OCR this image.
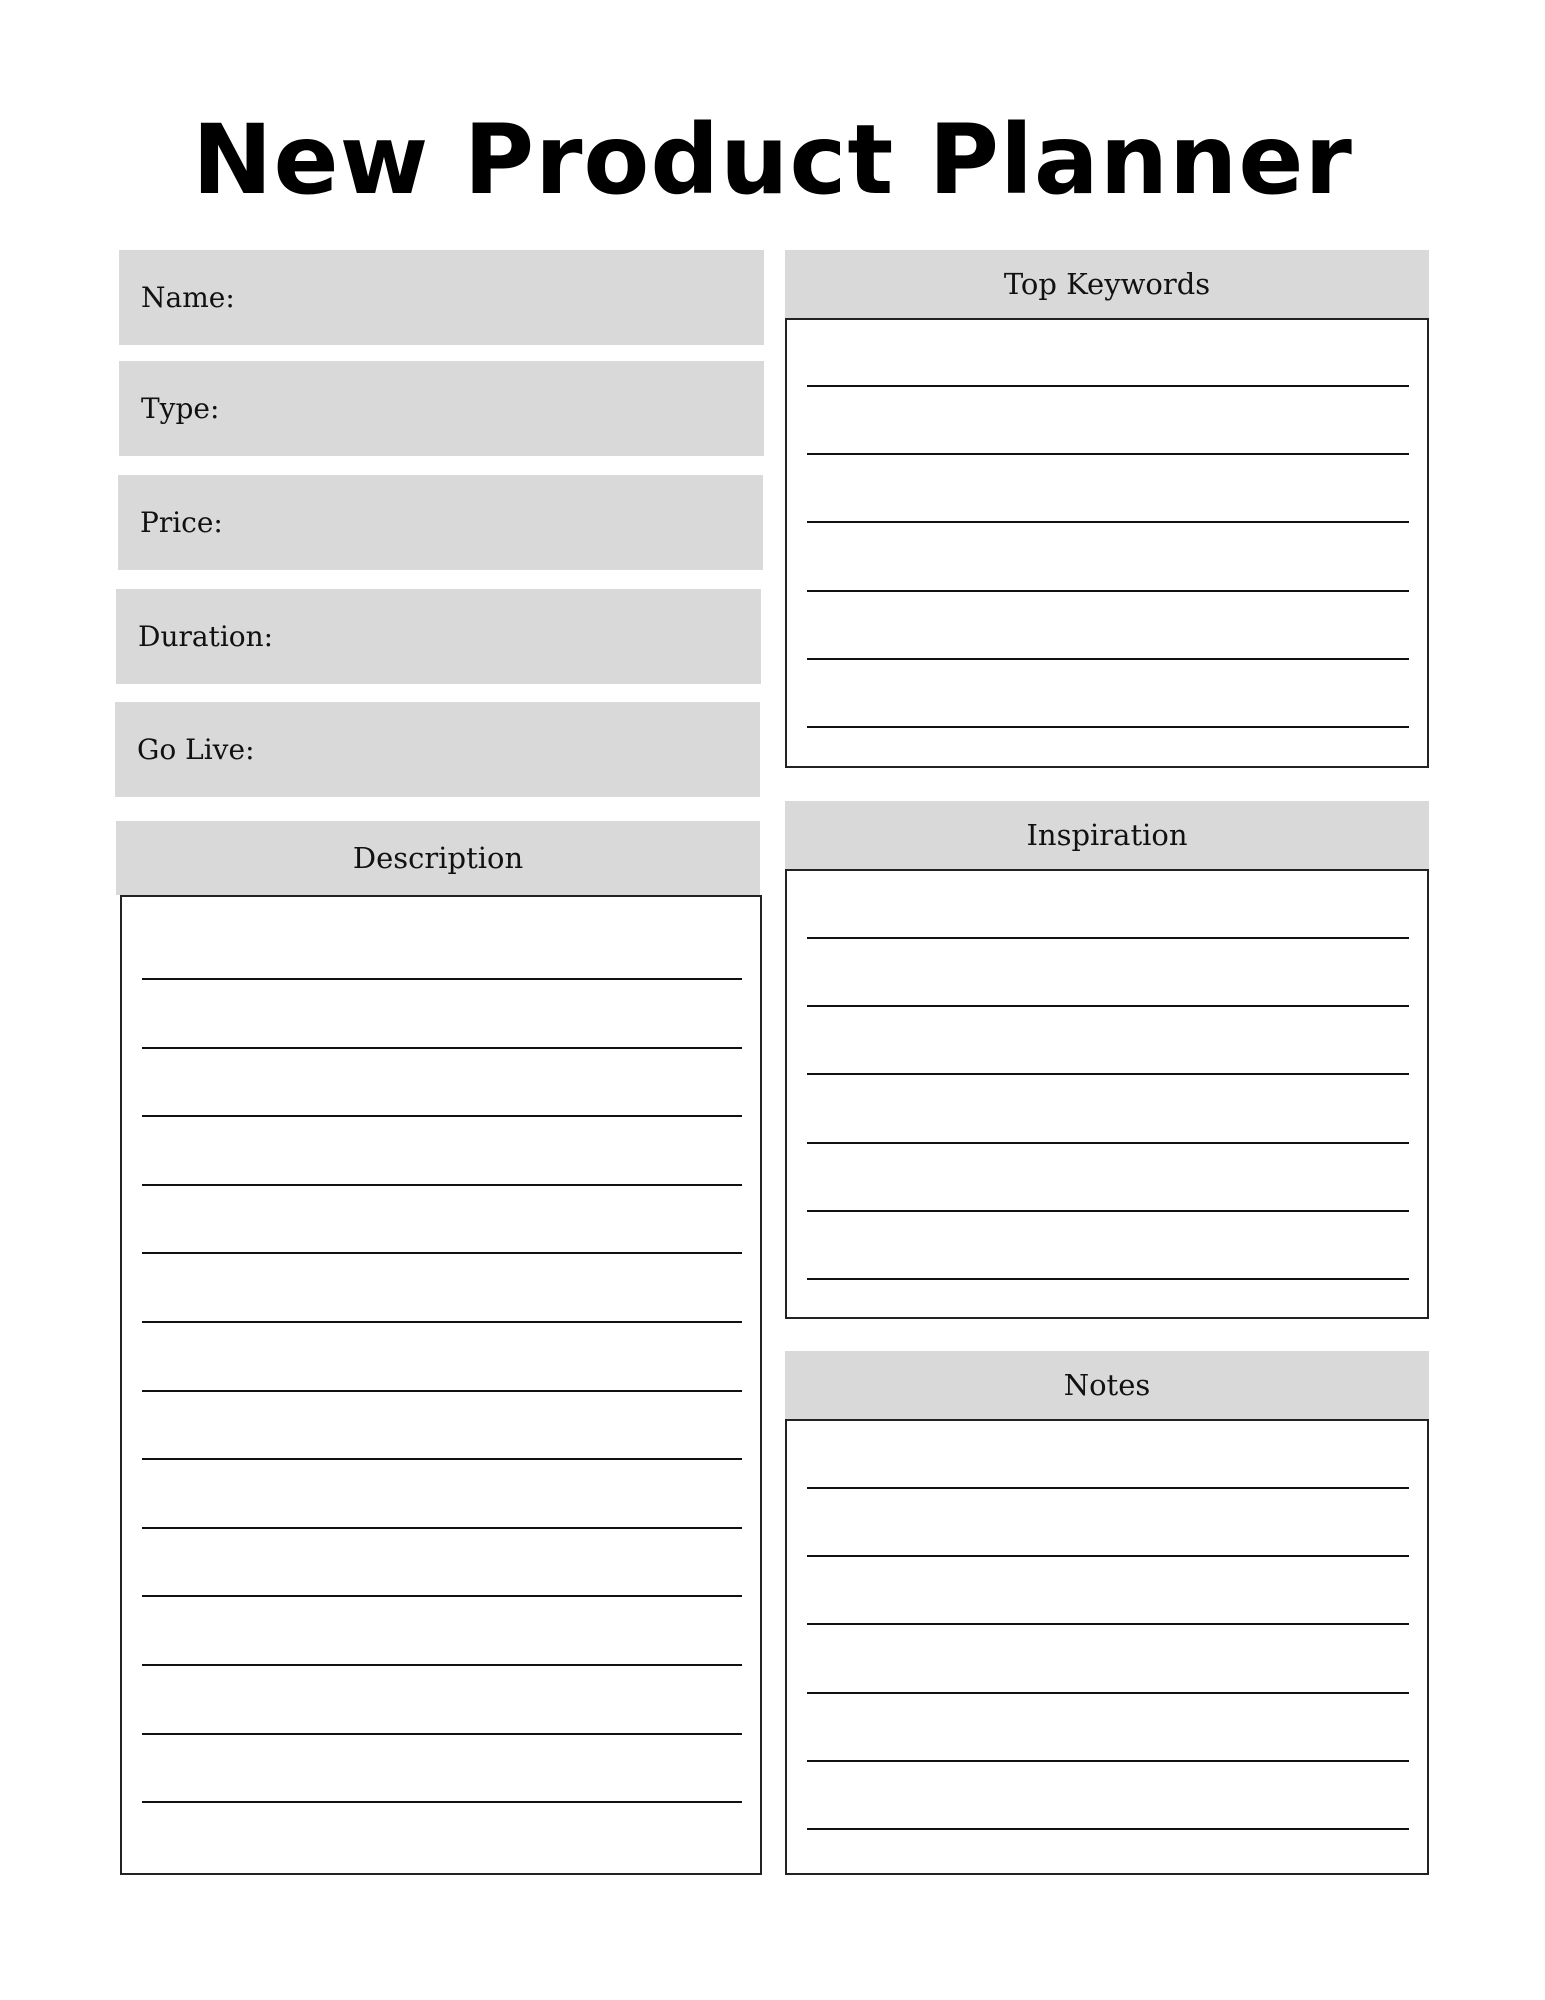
New Product Planner
Name:
Type:
Price:
Duration:
Go Live:
Description
Top Keywords
Inspiration
Notes
